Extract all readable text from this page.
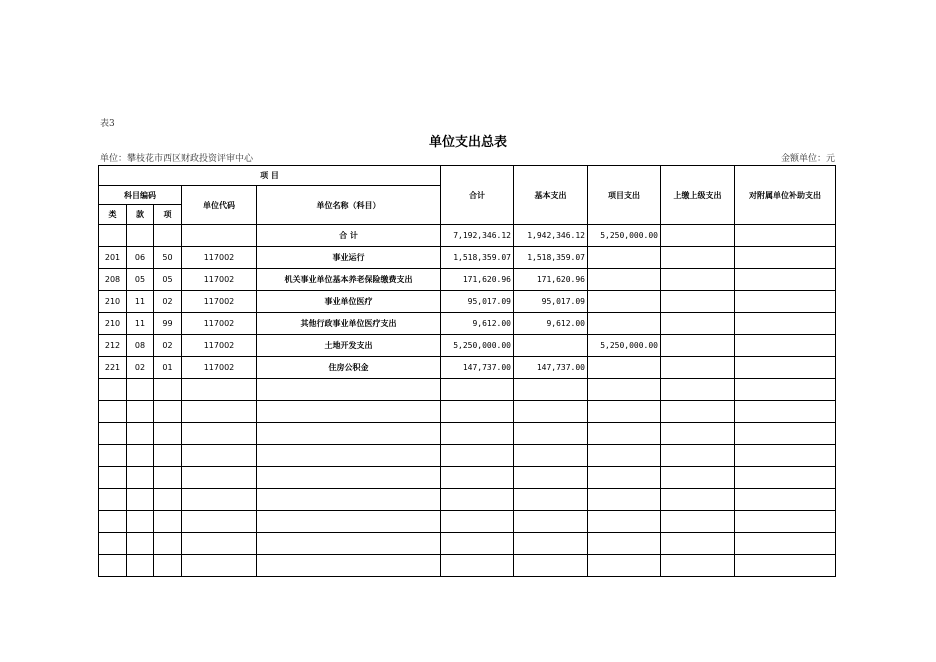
表3
单位支出总表
单位：攀枝花市西区财政投资评审中心	金额单位：元
项 目					合计	基本支出	项目支出	上缴上级支出	对附属单位补助支出
科目编码			单位代码	单位名称（科目）					
类	款	项							
				合 计	7,192,346.12	1,942,346.12	5,250,000.00		
201	06	50	117002	事业运行	1,518,359.07	1,518,359.07			
208	05	05	117002	机关事业单位基本养老保险缴费支出	171,620.96	171,620.96			
210	11	02	117002	事业单位医疗	95,017.09	95,017.09			
210	11	99	117002	其他行政事业单位医疗支出	9,612.00	9,612.00			
212	08	02	117002	土地开发支出	5,250,000.00		5,250,000.00		
221	02	01	117002	住房公积金	147,737.00	147,737.00			
